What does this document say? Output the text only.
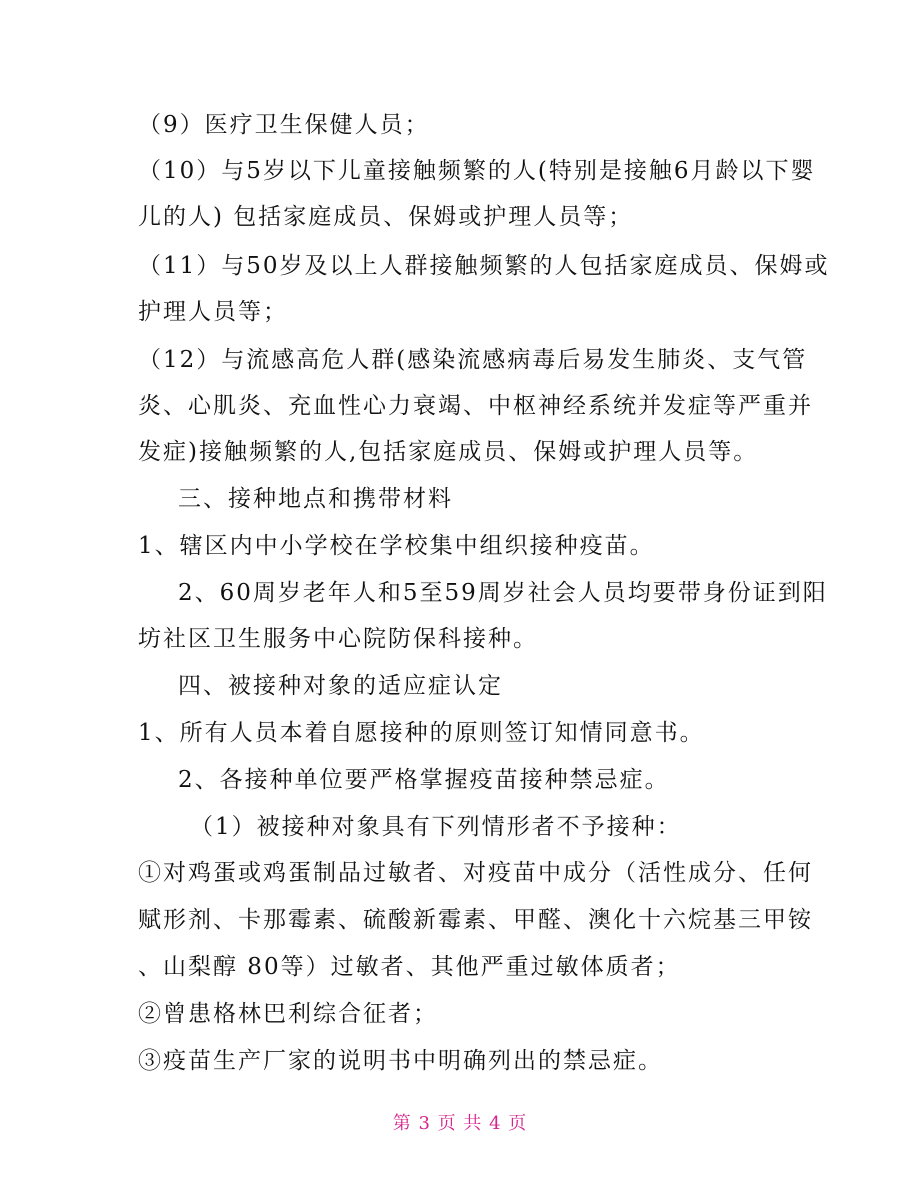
（9）医疗卫生保健人员；
（10）与5岁以下儿童接触频繁的人(特别是接触6月龄以下婴
儿的人) 包括家庭成员、保姆或护理人员等；
（11）与50岁及以上人群接触频繁的人包括家庭成员、保姆或
护理人员等；
（12）与流感高危人群(感染流感病毒后易发生肺炎、支气管
炎、心肌炎、充血性心力衰竭、中枢神经系统并发症等严重并
发症)接触频繁的人,包括家庭成员、保姆或护理人员等。
三、接种地点和携带材料
1、辖区内中小学校在学校集中组织接种疫苗。
2、60周岁老年人和5至59周岁社会人员均要带身份证到阳
坊社区卫生服务中心院防保科接种。
四、被接种对象的适应症认定
1、所有人员本着自愿接种的原则签订知情同意书。
2、各接种单位要严格掌握疫苗接种禁忌症。
（1）被接种对象具有下列情形者不予接种：
①对鸡蛋或鸡蛋制品过敏者、对疫苗中成分（活性成分、任何
赋形剂、卡那霉素、硫酸新霉素、甲醛、澳化十六烷基三甲铵
、山梨醇 80等）过敏者、其他严重过敏体质者；
②曾患格林巴利综合征者；
③疫苗生产厂家的说明书中明确列出的禁忌症。
第 3 页 共 4 页
